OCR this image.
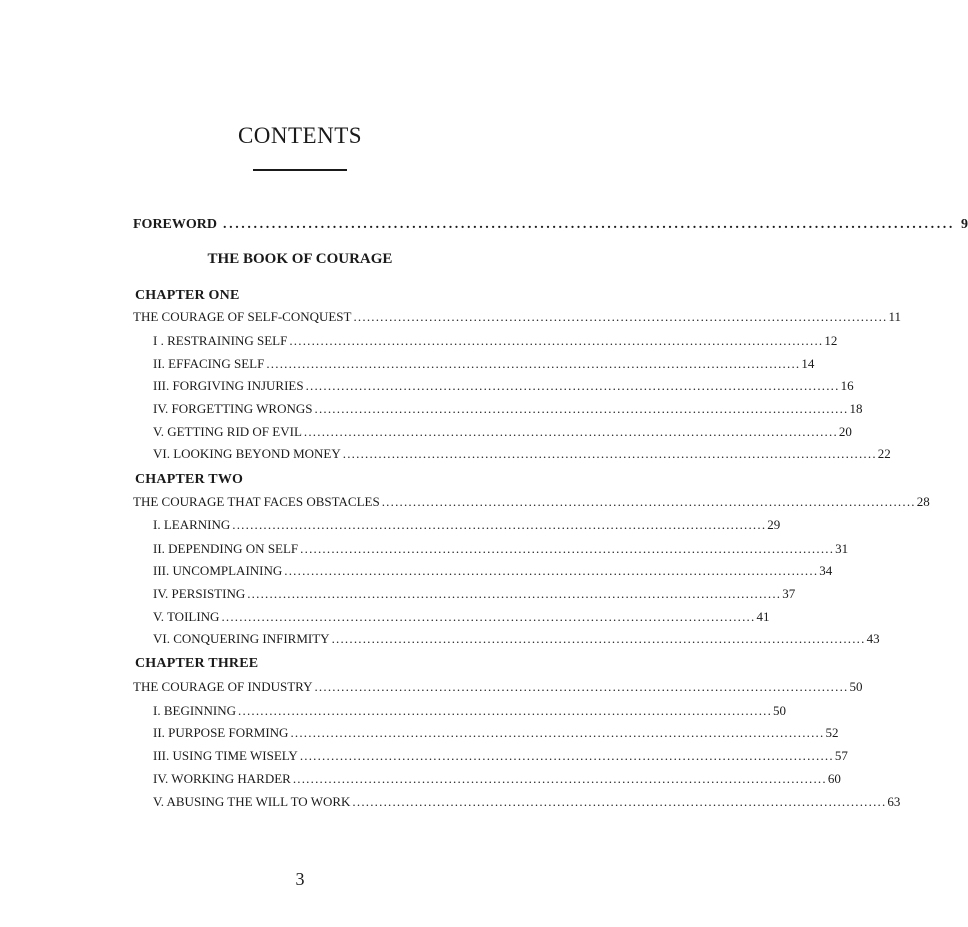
CONTENTS
FOREWORD ........................................................................................................................ 9
THE BOOK OF COURAGE
CHAPTER ONE
THE COURAGE OF SELF-CONQUEST ........................................................................................................................ 11
I . RESTRAINING SELF ........................................................................................................................ 12
II. EFFACING SELF ........................................................................................................................ 14
III. FORGIVING INJURIES ........................................................................................................................ 16
IV. FORGETTING WRONGS ........................................................................................................................ 18
V. GETTING RID OF EVIL ........................................................................................................................ 20
VI. LOOKING BEYOND MONEY ........................................................................................................................ 22
CHAPTER TWO
THE COURAGE THAT FACES OBSTACLES ........................................................................................................................ 28
I. LEARNING ........................................................................................................................ 29
II. DEPENDING ON SELF ........................................................................................................................ 31
III. UNCOMPLAINING ........................................................................................................................ 34
IV. PERSISTING ........................................................................................................................ 37
V. TOILING ........................................................................................................................ 41
VI. CONQUERING INFIRMITY ........................................................................................................................ 43
CHAPTER THREE
THE COURAGE OF INDUSTRY ........................................................................................................................ 50
I. BEGINNING ........................................................................................................................ 50
II. PURPOSE FORMING ........................................................................................................................ 52
III. USING TIME WISELY ........................................................................................................................ 57
IV. WORKING HARDER ........................................................................................................................ 60
V. ABUSING THE WILL TO WORK ........................................................................................................................ 63
3
